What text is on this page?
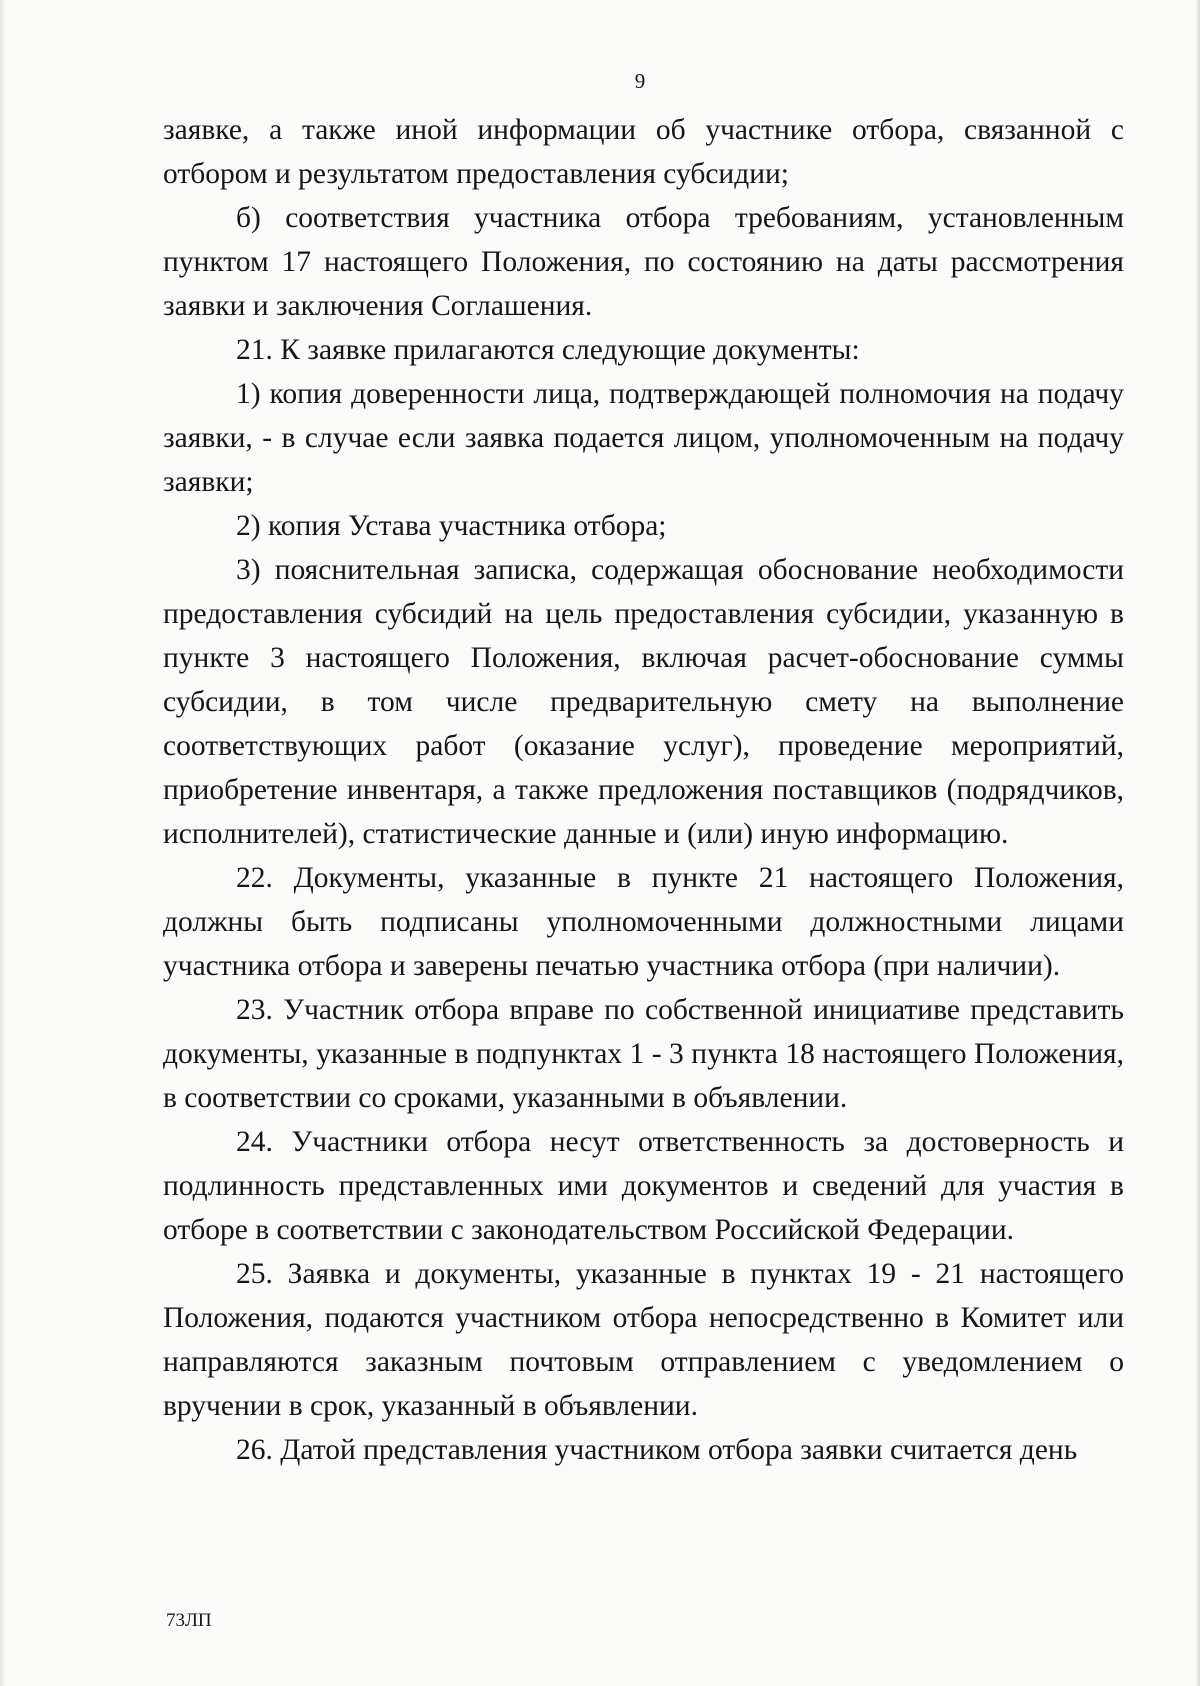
9

заявке, а также иной информации об участнике отбора, связанной с отбором и результатом предоставления субсидии;

б) соответствия участника отбора требованиям, установленным пунктом 17 настоящего Положения, по состоянию на даты рассмотрения заявки и заключения Соглашения.

21. К заявке прилагаются следующие документы:

1) копия доверенности лица, подтверждающей полномочия на подачу заявки, - в случае если заявка подается лицом, уполномоченным на подачу заявки;

2) копия Устава участника отбора;

3) пояснительная записка, содержащая обоснование необходимости предоставления субсидий на цель предоставления субсидии, указанную в пункте 3 настоящего Положения, включая расчет-обоснование суммы субсидии, в том числе предварительную смету на выполнение соответствующих работ (оказание услуг), проведение мероприятий, приобретение инвентаря, а также предложения поставщиков (подрядчиков, исполнителей), статистические данные и (или) иную информацию.

22. Документы, указанные в пункте 21 настоящего Положения, должны быть подписаны уполномоченными должностными лицами участника отбора и заверены печатью участника отбора (при наличии).

23. Участник отбора вправе по собственной инициативе представить документы, указанные в подпунктах 1 - 3 пункта 18 настоящего Положения, в соответствии со сроками, указанными в объявлении.

24. Участники отбора несут ответственность за достоверность и подлинность представленных ими документов и сведений для участия в отборе в соответствии с законодательством Российской Федерации.

25. Заявка и документы, указанные в пунктах 19 - 21 настоящего Положения, подаются участником отбора непосредственно в Комитет или направляются заказным почтовым отправлением с уведомлением о вручении в срок, указанный в объявлении.

26. Датой представления участником отбора заявки считается день

73ЛП
